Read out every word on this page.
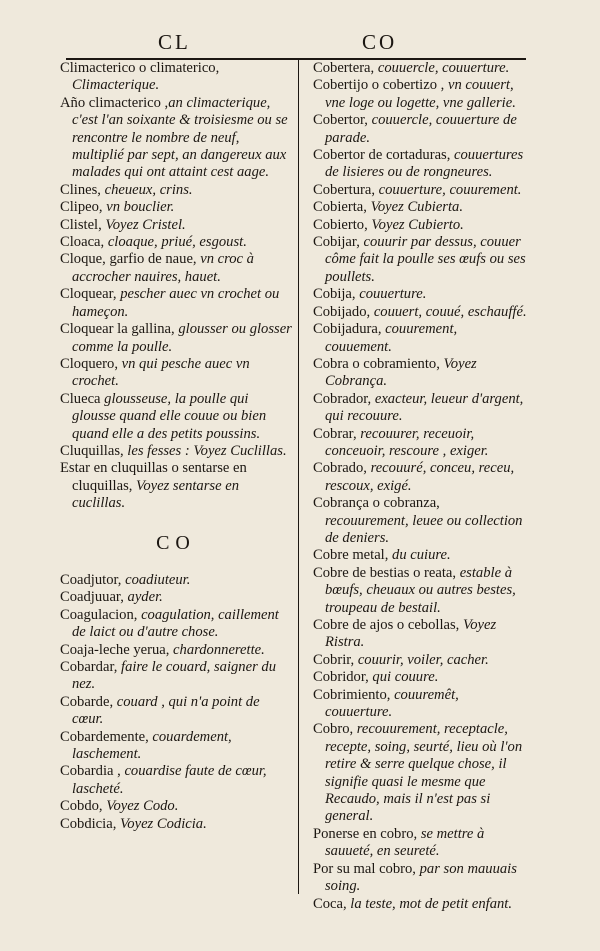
CL	CO

Climacterico o climaterico, Climacterique.

Año climacterico ,an climacterique, c'est l'an soixante & troisiesme ou se rencontre le nombre de neuf, multiplié par sept, an dangereux aux malades qui ont attaint cest aage.

Clines, cheueux, crins.

Clipeo, vn bouclier.

Clistel, Voyez Cristel.

Cloaca, cloaque, priué, esgoust.

Cloque, garfio de naue, vn croc à accrocher nauires, hauet.

Cloquear, pescher auec vn crochet ou hameçon.

Cloquear la gallina, glousser ou glosser comme la poulle.

Cloquero, vn qui pesche auec vn crochet.

Clueca glousseuse, la poulle qui glousse quand elle couue ou bien quand elle a des petits poussins.

Cluquillas, les fesses : Voyez Cuclillas.

Estar en cluquillas o sentarse en cluquillas, Voyez sentarse en cuclillas.

CO

Coadjutor, coadiuteur.

Coadjuuar, ayder.

Coagulacion, coagulation, caillement de laict ou d'autre chose.

Coaja-leche yerua, chardonnerette.

Cobardar, faire le couard, saigner du nez.

Cobarde, couard , qui n'a point de cœur.

Cobardemente, couardement, laschement.

Cobardia , couardise faute de cœur, lascheté.

Cobdo, Voyez Codo.

Cobdicia, Voyez Codicia.

Cobertera, couuercle, couuerture.

Cobertijo o cobertizo , vn couuert, vne loge ou logette, vne gallerie.

Cobertor, couuercle, couuerture de parade.

Cobertor de cortaduras, couuertures de lisieres ou de rongneures.

Cobertura, couuerture, couurement.

Cobierta, Voyez Cubierta.

Cobierto, Voyez Cubierto.

Cobijar, couurir par dessus, couuer côme fait la poulle ses œufs ou ses poullets.

Cobija, couuerture.

Cobijado, couuert, couué, eschauffé.

Cobijadura, couurement, couuement.

Cobra o cobramiento, Voyez Cobrança.

Cobrador, exacteur, leueur d'argent, qui recouure.

Cobrar, recouurer, receuoir, conceuoir, rescoure , exiger.

Cobrado, recouuré, conceu, receu, rescoux, exigé.

Cobrança o cobranza, recouurement, leuee ou collection de deniers.

Cobre metal, du cuiure.

Cobre de bestias o reata, estable à bœufs, cheuaux ou autres bestes, troupeau de bestail.

Cobre de ajos o cebollas, Voyez Ristra.

Cobrir, couurir, voiler, cacher.

Cobridor, qui couure.

Cobrimiento, couuremêt, couuerture.

Cobro, recouurement, receptacle, recepte, soing, seurté, lieu où l'on retire & serre quelque chose, il signifie quasi le mesme que Recaudo, mais il n'est pas si general.

Ponerse en cobro, se mettre à sauueté, en seureté.

Por su mal cobro, par son mauuais soing.

Coca, la teste, mot de petit enfant.
